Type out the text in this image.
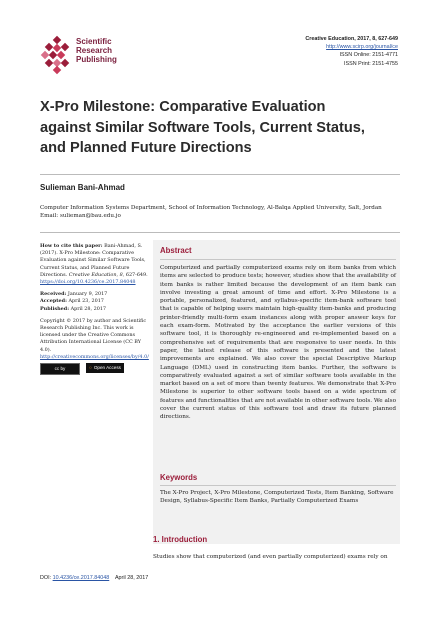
Scientific
Research
Publishing
Creative Education, 2017, 8, 627-649
http://www.scirp.org/journal/ce
ISSN Online: 2151-4771
ISSN Print: 2151-4755
X-Pro Milestone: Comparative Evaluation
against Similar Software Tools, Current Status,
and Planned Future Directions
Sulieman Bani-Ahmad
Computer Information Systems Department, School of Information Technology, Al-Balqa Applied University, Salt, Jordan
Email: sulieman@bau.edu.jo

How to cite this paper: Bani-Ahmad, S. (2017). X-Pro Milestone: Comparative Evaluation against Similar Software Tools, Current Status, and Planned Future Directions. Creative Education, 8, 627-649. https://doi.org/10.4236/ce.2017.84048

Received: January 9, 2017
Accepted: April 23, 2017
Published: April 28, 2017

Copyright © 2017 by author and Scientific Research Publishing Inc. This work is licensed under the Creative Commons Attribution International License (CC BY 4.0).
http://creativecommons.org/licenses/by/4.0/

cc by	○ Open Access
Abstract
Computerized and partially computerized exams rely on item banks from which items are selected to produce tests; however, studies show that the availability of item banks is rather limited because the development of an item bank can involve investing a great amount of time and effort. X-Pro Milestone is a portable, personalized, featured, and syllabus-specific item-bank software tool that is capable of helping users maintain high-quality item-banks and producing printer-friendly multi-form exam instances along with proper answer keys for each exam-form. Motivated by the acceptance the earlier versions of this software tool, it is thoroughly re-engineered and re-implemented based on a comprehensive set of requirements that are responsive to user needs. In this paper, the latest release of this software is presented and the latest improvements are explained. We also cover the special Descriptive Markup Language (DML) used in constructing item banks. Further, the software is comparatively evaluated against a set of similar software tools available in the market based on a set of more than twenty features. We demonstrate that X-Pro Milestone is superior to other software tools based on a wide spectrum of features and functionalities that are not available in other software tools. We also cover the current status of this software tool and draw its future planned directions.
Keywords
The X-Pro Project, X-Pro Milestone, Computerized Tests, Item Banking, Software Design, Syllabus-Specific Item Banks, Partially Computerized Exams
1. Introduction
Studies show that computerized (and even partially computerized) exams rely on
DOI: 10.4236/ce.2017.84048 April 28, 2017
